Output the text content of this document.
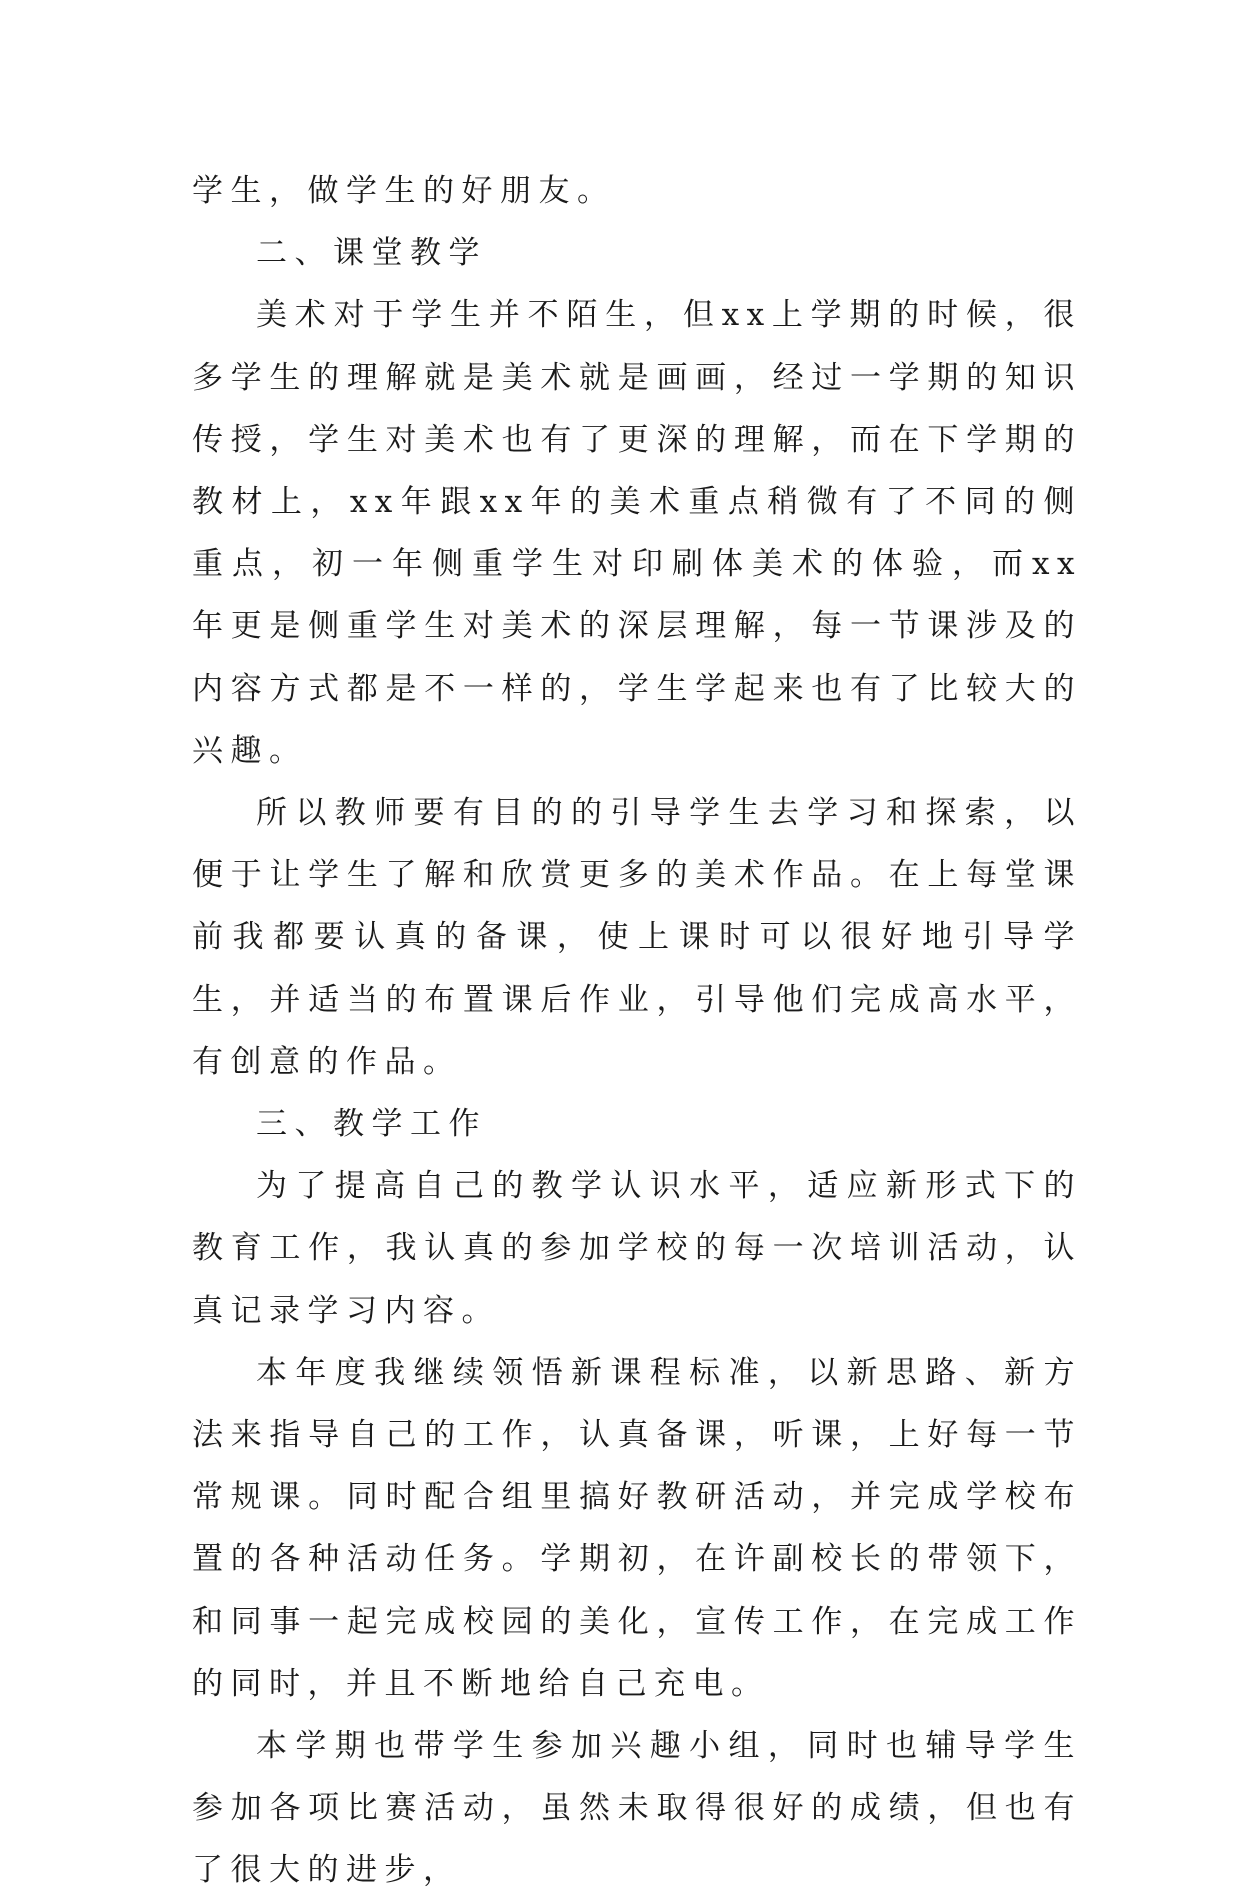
学生，做学生的好朋友。

二、课堂教学

美术对于学生并不陌生，但xx上学期的时候，很多学生的理解就是美术就是画画，经过一学期的知识传授，学生对美术也有了更深的理解，而在下学期的教材上，xx年跟xx年的美术重点稍微有了不同的侧重点，初一年侧重学生对印刷体美术的体验，而xx年更是侧重学生对美术的深层理解，每一节课涉及的内容方式都是不一样的，学生学起来也有了比较大的兴趣。

所以教师要有目的的引导学生去学习和探索，以便于让学生了解和欣赏更多的美术作品。在上每堂课前我都要认真的备课，使上课时可以很好地引导学生，并适当的布置课后作业，引导他们完成高水平，有创意的作品。

三、教学工作

为了提高自己的教学认识水平，适应新形式下的教育工作，我认真的参加学校的每一次培训活动，认真记录学习内容。

本年度我继续领悟新课程标准，以新思路、新方法来指导自己的工作，认真备课，听课，上好每一节常规课。同时配合组里搞好教研活动，并完成学校布置的各种活动任务。学期初，在许副校长的带领下，和同事一起完成校园的美化，宣传工作，在完成工作的同时，并且不断地给自己充电。

本学期也带学生参加兴趣小组，同时也辅导学生参加各项比赛活动，虽然未取得很好的成绩，但也有了很大的进步，
